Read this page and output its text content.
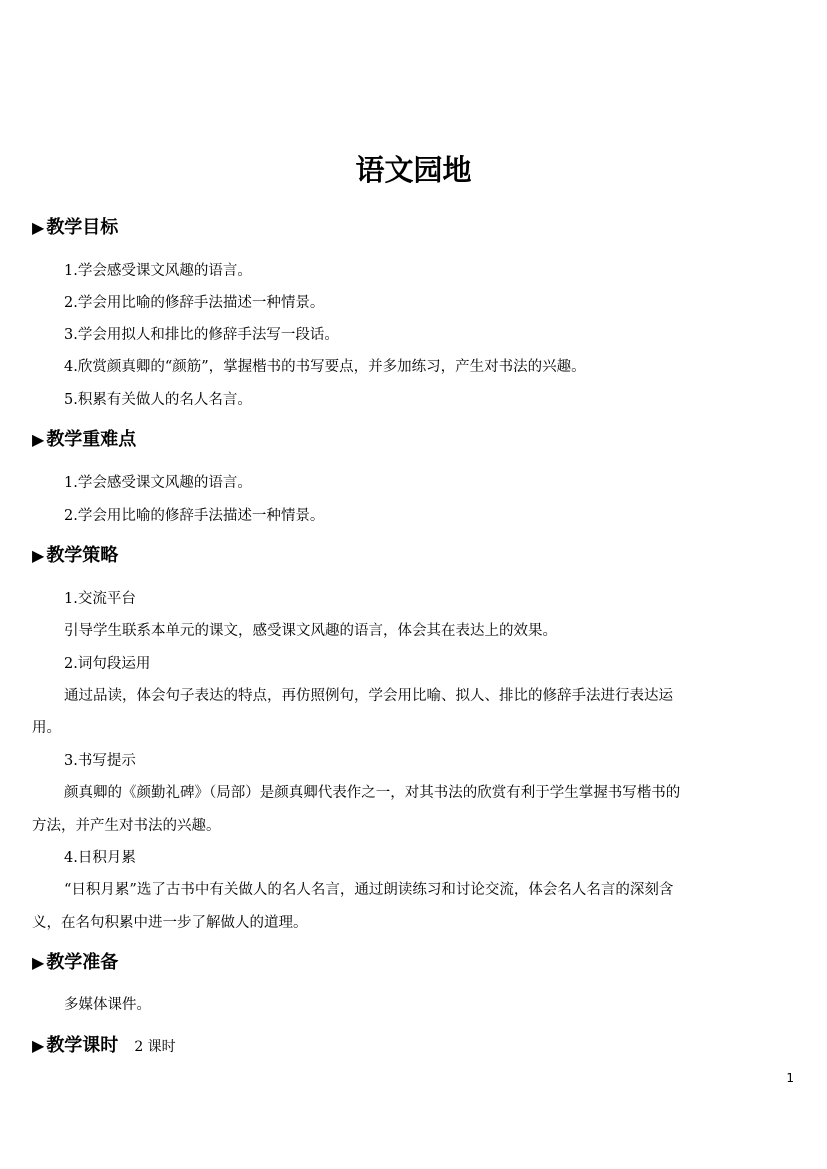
语文园地
▶ 教学目标
1.学会感受课文风趣的语言。
2.学会用比喻的修辞手法描述一种情景。
3.学会用拟人和排比的修辞手法写一段话。
4.欣赏颜真卿的“颜筋”，掌握楷书的书写要点，并多加练习，产生对书法的兴趣。
5.积累有关做人的名人名言。
▶ 教学重难点
1.学会感受课文风趣的语言。
2.学会用比喻的修辞手法描述一种情景。
▶ 教学策略
1.交流平台
引导学生联系本单元的课文，感受课文风趣的语言，体会其在表达上的效果。
2.词句段运用
通过品读，体会句子表达的特点，再仿照例句，学会用比喻、拟人、排比的修辞手法进行表达运
用。
3.书写提示
颜真卿的《颜勤礼碑》（局部）是颜真卿代表作之一，对其书法的欣赏有利于学生掌握书写楷书的
方法，并产生对书法的兴趣。
4.日积月累
“日积月累”选了古书中有关做人的名人名言，通过朗读练习和讨论交流，体会名人名言的深刻含
义，在名句积累中进一步了解做人的道理。
▶ 教学准备
多媒体课件。
▶ 教学课时 2 课时
1
